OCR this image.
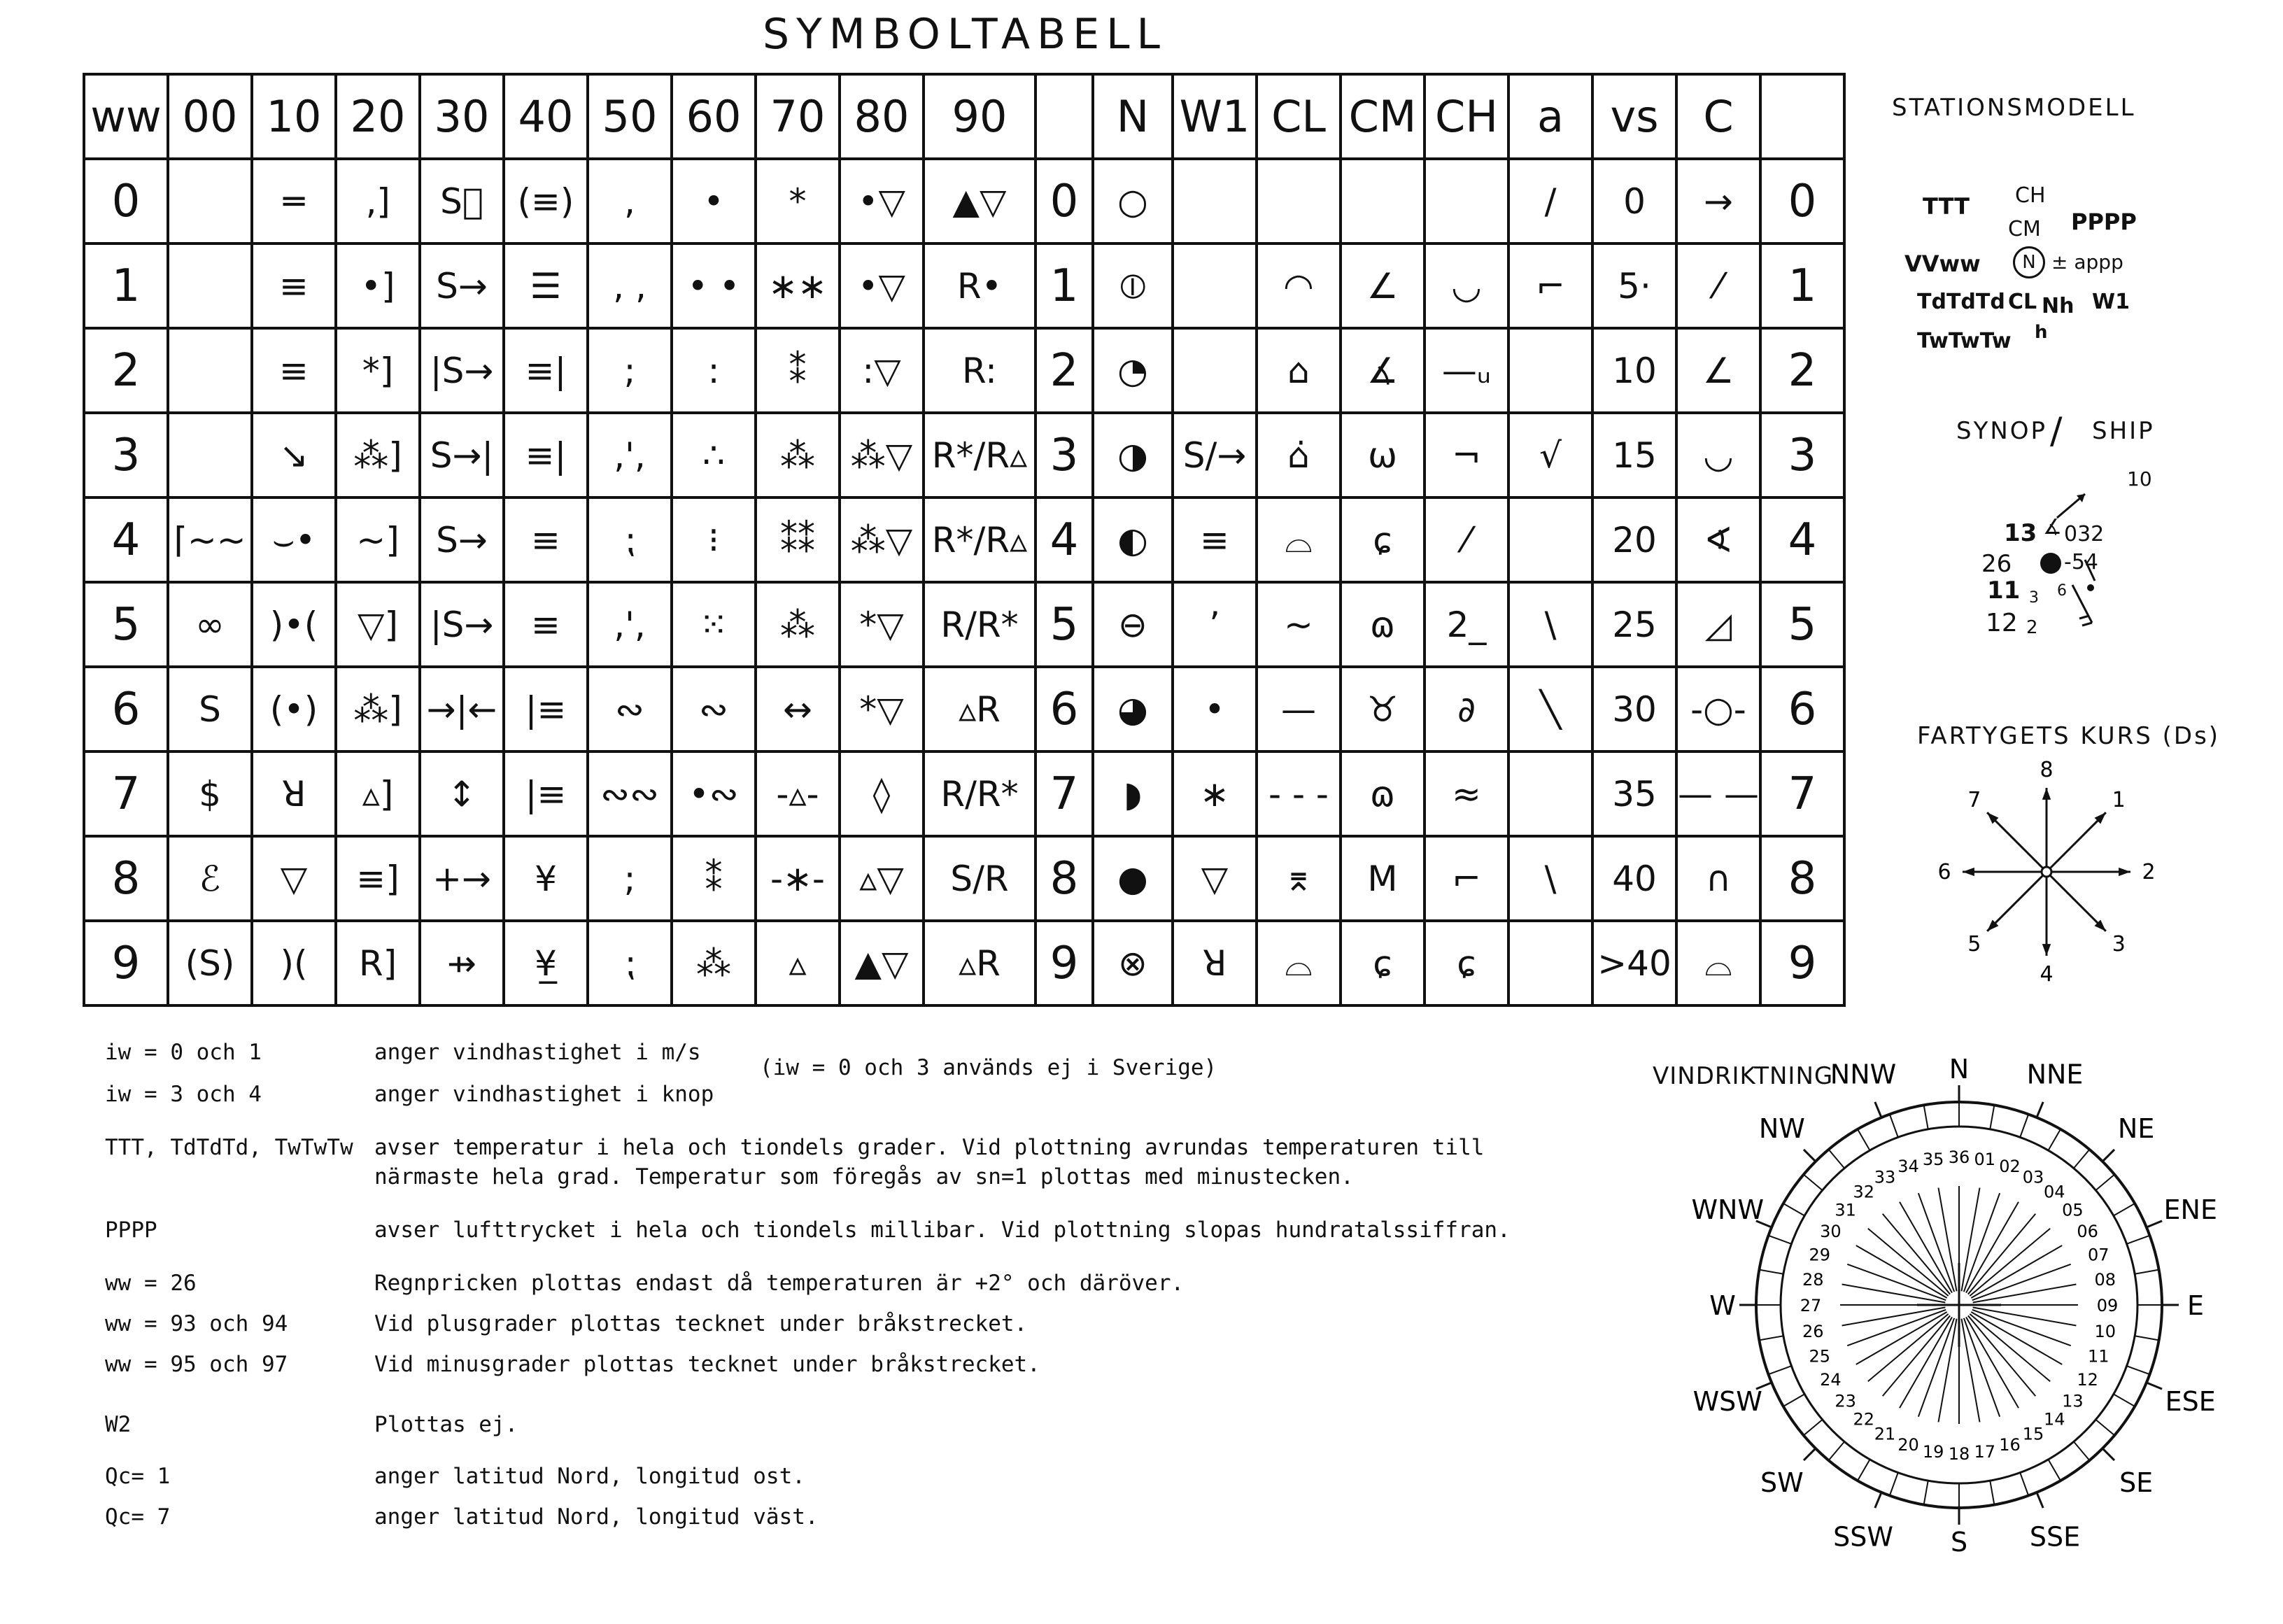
SYMBOLTABELL
ww	00	10	20	30	40	50	60	70	80	90		N	W1	CL	CM	CH	a	vs	C	
0		═	‚]	S⃥	(≡)	,	•	*	•▽	▲▽	0	○					∕	0	→	0
1		≡	•]	S→	☰	, ,	• •	∗∗	•▽	R•	1	⦶		◠	∠	◡	⌐	5·	⁄	1
2		≡	*]	|S→	≡|	;	:	⁑	:▽	R:	2	◔		⌂	∡	—ᵤ		10	∠	2
3		↘	⁂]	S→|	≡|	,',	∴	⁂	⁂▽	R*/R▵	3	◑	S/→	⌂̇	ω	¬	√	15	◡	3
4	⌈~~	⌣•	~]	S→	≡	⁏	⁝	⁑⁑	⁂▽	R*/R▵	4	◐	≡	⌓	ɕ	⁄		20	∢	4
5	∞	)•(	▽]	|S→	≡	,',	⁙	⁂	*▽	R/R*	5	⊖	’	~	ɷ	2_	\	25	◿	5
6	S	(•)	⁂]	→|←	|≡	∾	∾	↔	*▽	▵R	6	◕	•	—	♉	∂	╲	30	-○-	6
7	$	ꓤ	▵]	↕	|≡	∾∾	•∾	‑▵‑	◊	R/R*	7	◗	∗	- - -	ɷ	≈		35	— —	7
8	ℰ	▽	≡]	+→	¥	;	⁑	‑∗‑	▵▽	S/R	8	●	▽	⌆	M	⌐	\	40	∩	8
9	(S)	)(	R]	⇸	¥̲	⁏	⁂	▵	▲▽	▵R	9	⊗	ꓤ	⌓	ɕ	ɕ		>40	⌓	9
STATIONSMODELL
TTT CH
CM PPPP
VVww	N ± appp
TdTdTd CL Nh W1
TwTwTw h
SYNOP / SHIP
10
13 ∡ 032
26 -54
11 3 6
12 2
FARTYGETS KURS (Ds)
8
1
2
3
4
5
6
7
VINDRIKTNING
36 01 02
03
04
05
06
07
08
09
10
11
12
13
14
15
16
17
18
19
20
21
22
23
24
25
26
27
28
29
30
31
32
33
34 35
N NNE
NE
ENE
E
ESE
SE
SSE
S
SSW
SW
WSW
W
WNW
NW
NNW
iw = 0 och 1	anger vindhastighet i m/s
iw = 3 och 4	anger vindhastighet i knop
TTT, TdTdTd, TwTwTw avser temperatur i hela och tiondels grader. Vid plottning avrundas temperaturen till
närmaste hela grad. Temperatur som föregås av sn=1 plottas med minustecken.
PPPP	avser lufttrycket i hela och tiondels millibar. Vid plottning slopas hundratalssiffran.
ww = 26	Regnpricken plottas endast då temperaturen är +2° och däröver.
ww = 93 och 94	Vid plusgrader plottas tecknet under bråkstrecket.
ww = 95 och 97	Vid minusgrader plottas tecknet under bråkstrecket.
W2	Plottas ej.
Qc= 1	anger latitud Nord, longitud ost.
Qc= 7	anger latitud Nord, longitud väst.
(iw = 0 och 3 används ej i Sverige)
